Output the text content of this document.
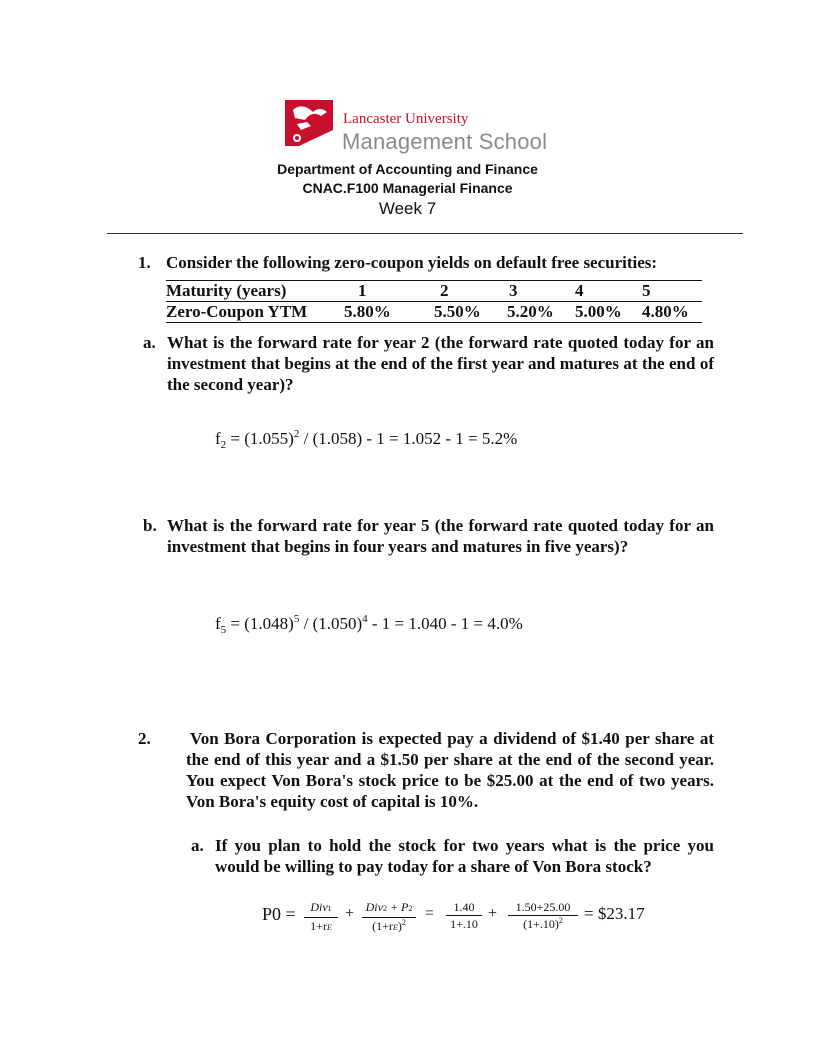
Lancaster University
Management School
Department of Accounting and Finance
CNAC.F100 Managerial Finance
Week 7
1. Consider the following zero-coupon yields on default free securities:
Maturity (years)	1	2	3	4	5
Zero-Coupon YTM	5.80%	5.50%	5.20%	5.00%	4.80%
a. What is the forward rate for year 2 (the forward rate quoted today for an investment that begins at the end of the first year and matures at the end of the second year)?
$f_2 = (1.055)^2 / (1.058) - 1 = 1.052 - 1 = 5.2\%$
b. What is the forward rate for year 5 (the forward rate quoted today for an investment that begins in four years and matures in five years)?
$f_5 = (1.048)^5 / (1.050)^4 - 1 = 1.040 - 1 = 4.0\%$
2. Von Bora Corporation is expected pay a dividend of $1.40 per share at the end of this year and a $1.50 per share at the end of the second year. You expect Von Bora's stock price to be $25.00 at the end of two years. Von Bora's equity cost of capital is 10%.
a. If you plan to hold the stock for two years what is the price you would be willing to pay today for a share of Von Bora stock?
P0 =	Div1
1+rE
+ Div2 + P2
$(1+rE)^2$
=	1.40
1+.10
+	1.50+25.00
$(1+.10)^2$	= $23.17
